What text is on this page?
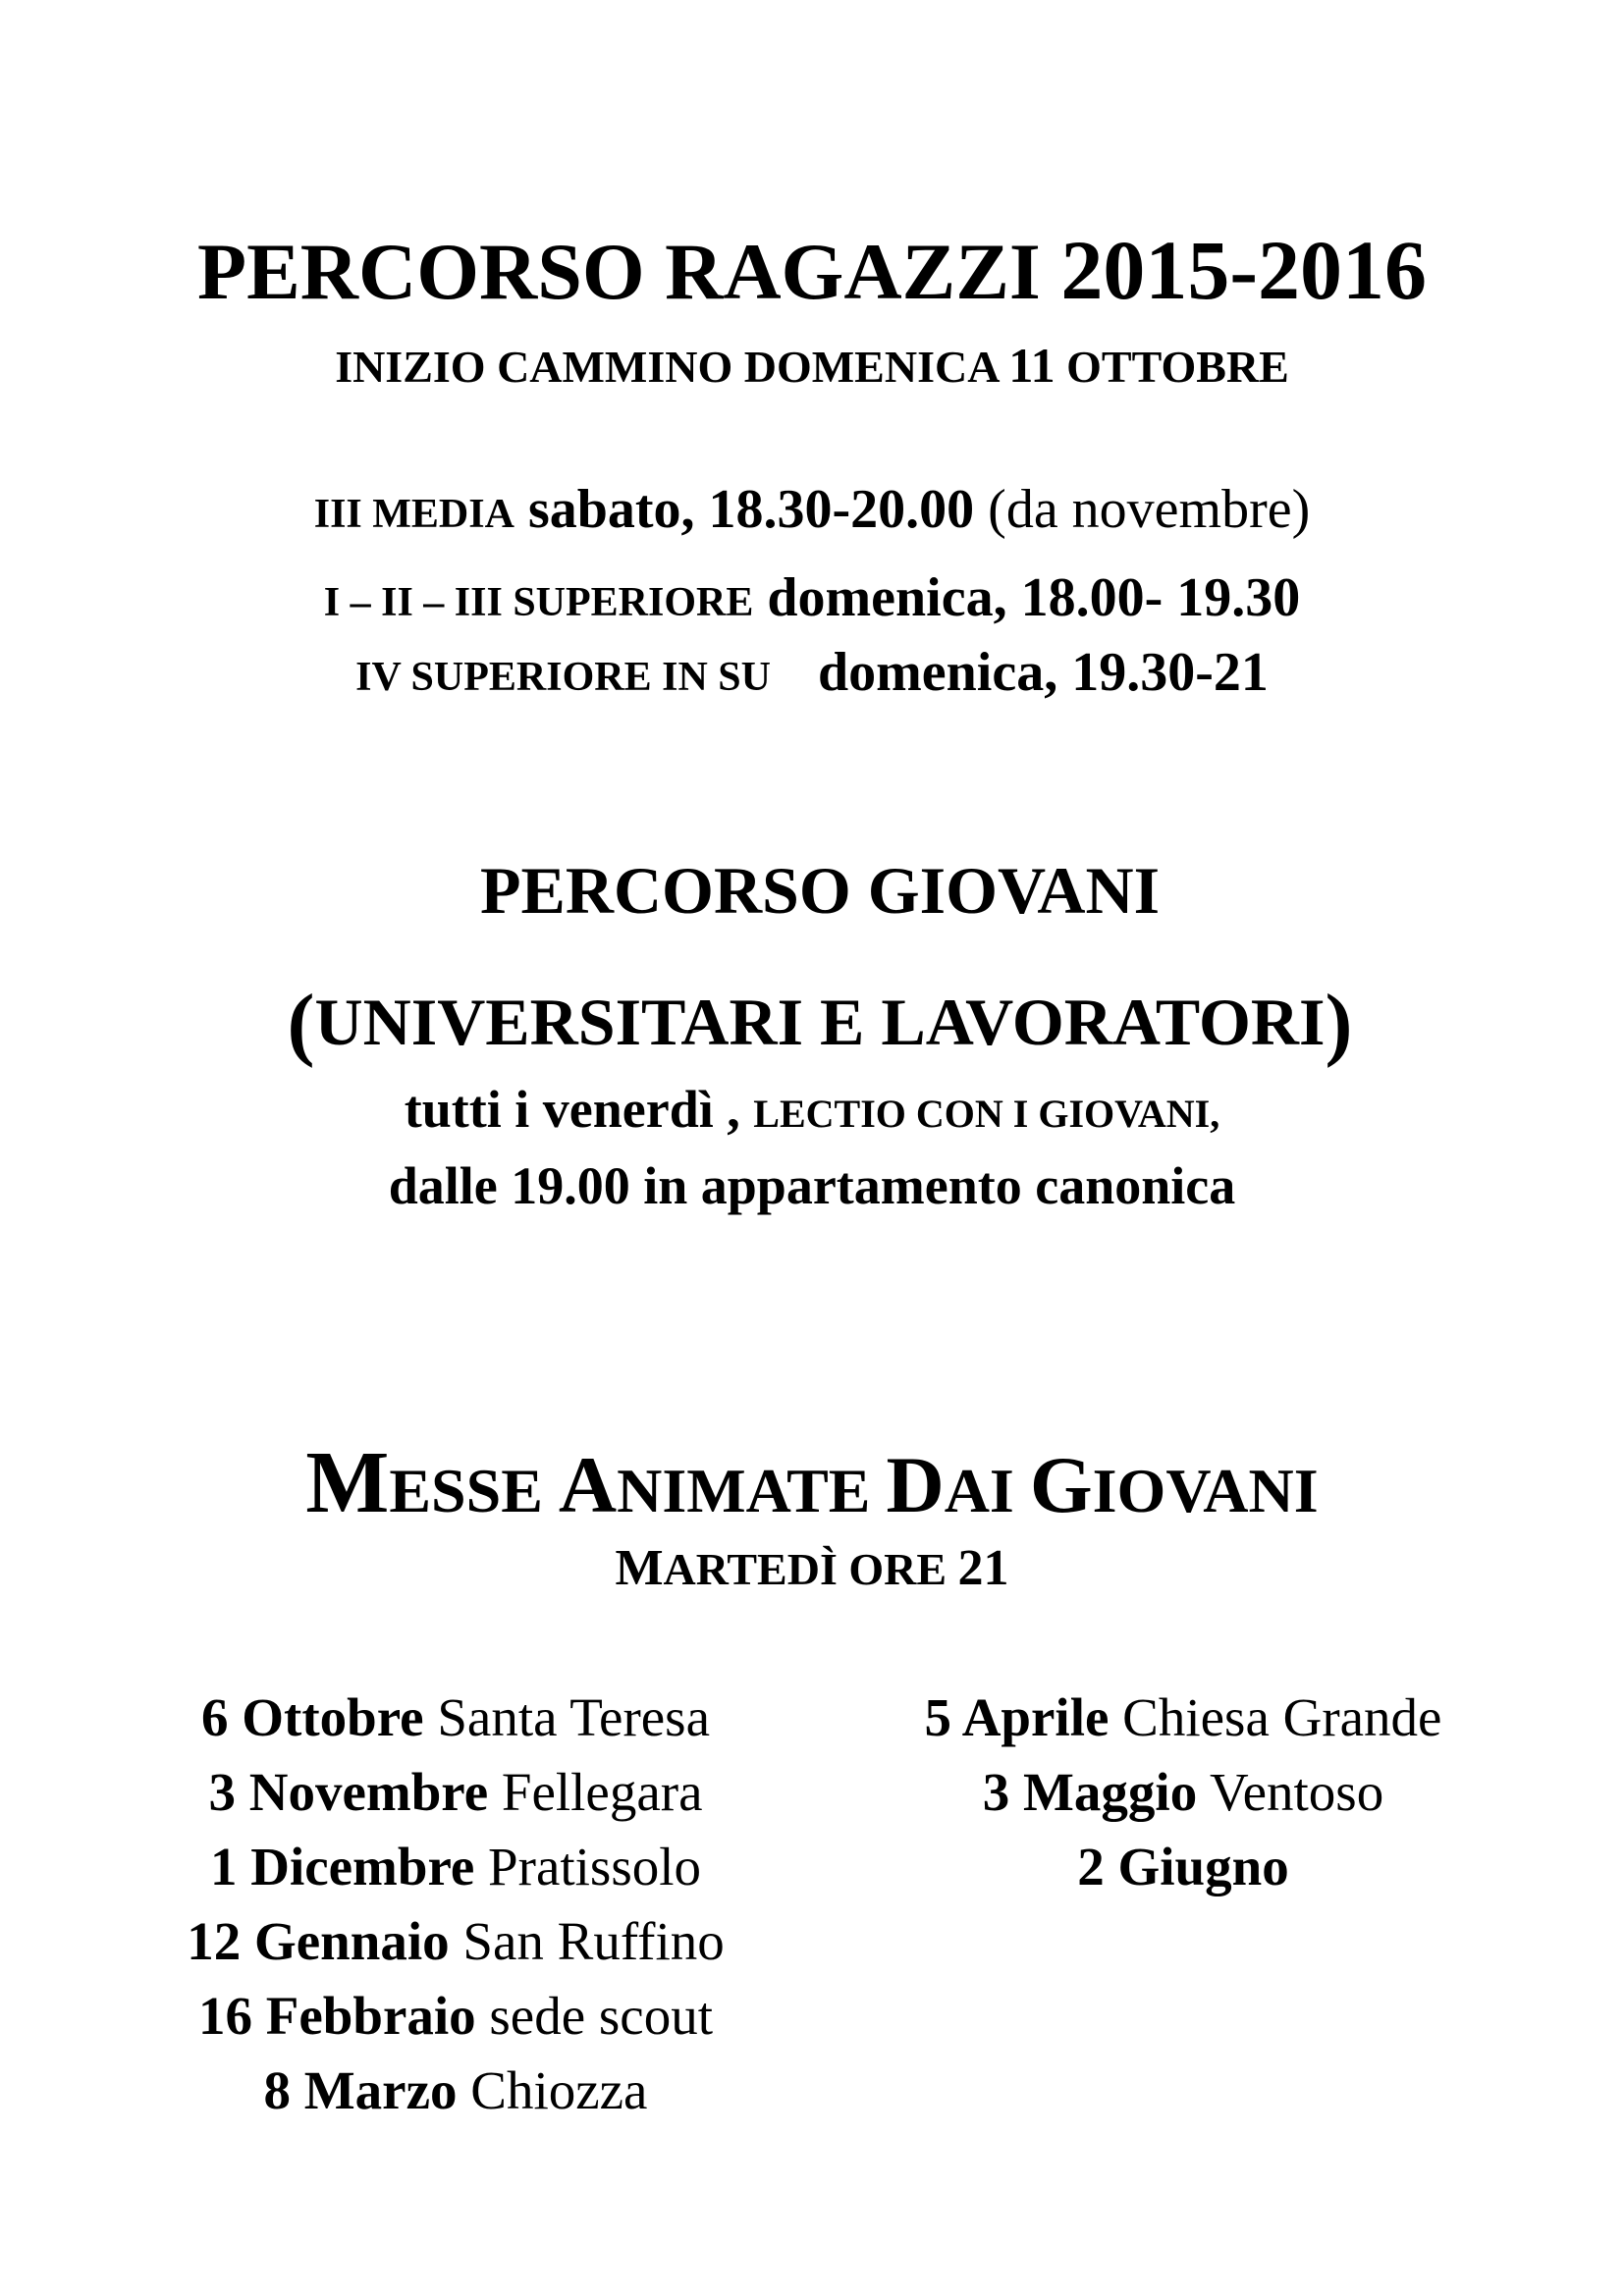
PERCORSO RAGAZZI 2015-2016
INIZIO CAMMINO DOMENICA 11 OTTOBRE
III MEDIA sabato, 18.30-20.00 (da novembre)
I – II – III SUPERIORE domenica, 18.00- 19.30
IV SUPERIORE IN SU domenica, 19.30-21
PERCORSO GIOVANI
(UNIVERSITARI E LAVORATORI)
tutti i venerdì , LECTIO CON I GIOVANI,
dalle 19.00 in appartamento canonica
MESSE ANIMATE DAI GIOVANI
MARTEDÌ ORE 21
6 Ottobre Santa Teresa
3 Novembre Fellegara
1 Dicembre Pratissolo
12 Gennaio San Ruffino
16 Febbraio sede scout
8 Marzo Chiozza
5 Aprile Chiesa Grande
3 Maggio Ventoso
2 Giugno
